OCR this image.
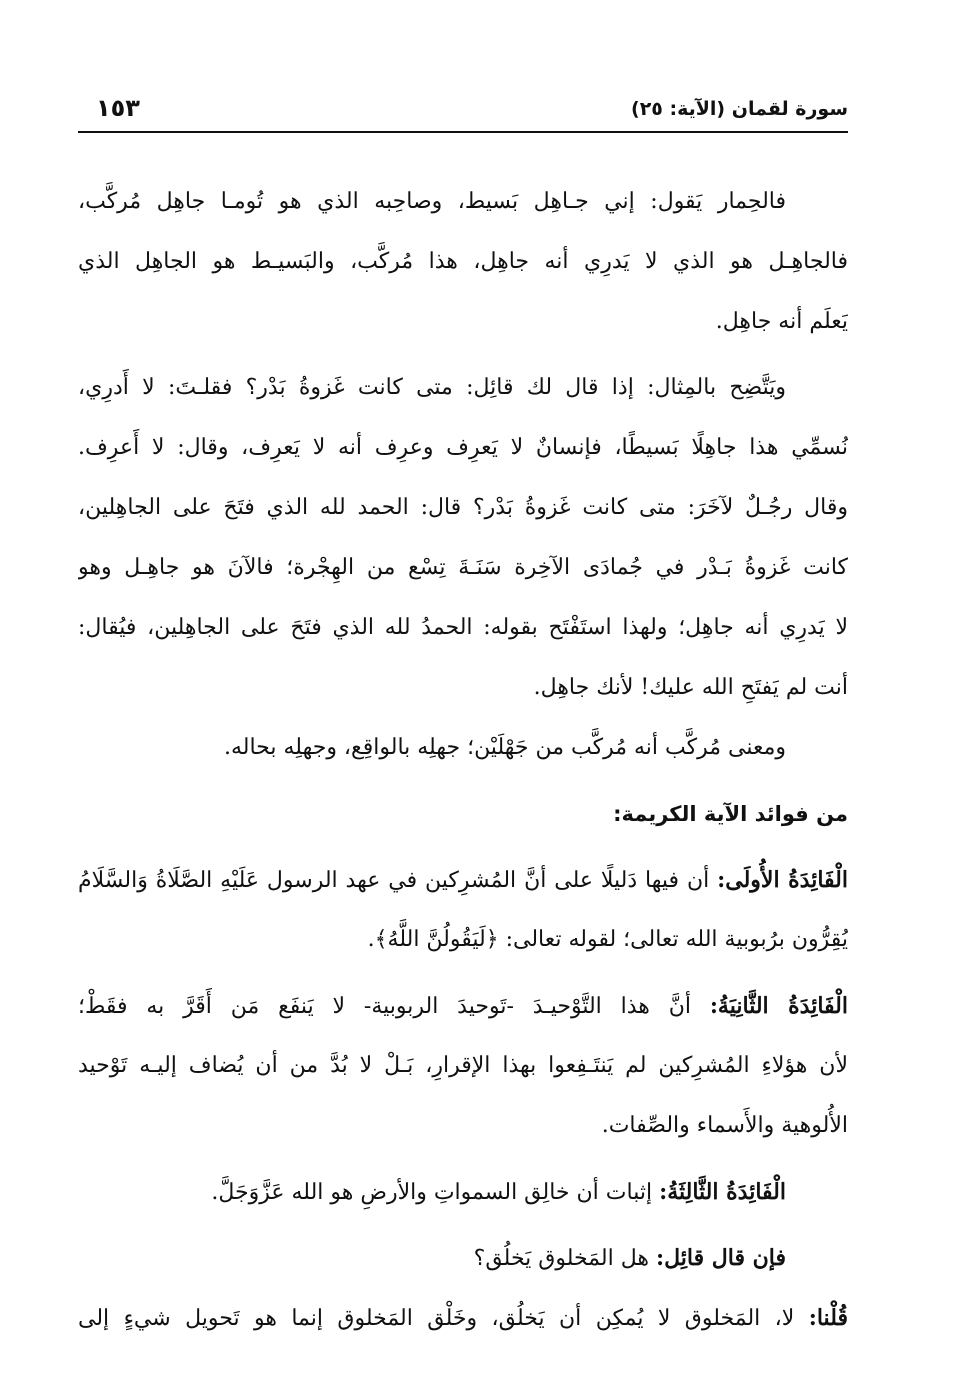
١٥٣	سورة لقمان (الآية: ٢٥)
فالحِمار يَقول: إني جـاهِل بَسيط، وصاحِبه الذي هو تُومـا جاهِل مُركَّب،
فالجاهِـل هو الذي لا يَدرِي أنه جاهِل، هذا مُركَّب، والبَسيـط هو الجاهِل الذي
يَعلَم أنه جاهِل.
ويَتَّضِح بالمِثال: إذا قال لك قائِل: متى كانت غَزوةُ بَدْر؟ فقلـتَ: لا أَدرِي،
نُسمِّي هذا جاهِلًا بَسيطًا، فإنسانٌ لا يَعرِف وعرِف أنه لا يَعرِف، وقال: لا أَعرِف.
وقال رجُـلٌ لآخَرَ: متى كانت غَزوةُ بَدْر؟ قال: الحمد لله الذي فتَحَ على الجاهِلين،
كانت غَزوةُ بَـدْر في جُمادَى الآخِرة سَنَـةَ تِسْع من الهِجْرة؛ فالآنَ هو جاهِـل وهو
لا يَدرِي أنه جاهِل؛ ولهذا استَفْتَح بقوله: الحمدُ لله الذي فتَحَ على الجاهِلين، فيُقال:
أنت لم يَفتَحِ الله عليك! لأنك جاهِل.
ومعنى مُركَّب أنه مُركَّب من جَهْلَيْن؛ جهلِه بالواقِع، وجهلِه بحاله.
من فوائد الآية الكريمة:
الْفَائِدَةُ الأُولَى: أن فيها دَليلًا على أنَّ المُشرِكين في عهد الرسول عَلَيْهِ الصَّلَاةُ وَالسَّلَامُ
يُقِرُّون برُبوبية الله تعالى؛ لقوله تعالى: ﴿لَيَقُولُنَّ اللَّهُ﴾.
الْفَائِدَةُ الثَّانِيَةُ: أنَّ هذا التَّوْحيـدَ -تَوحيدَ الربوبية- لا يَنفَع مَن أَقَرَّ به فقَطْ؛
لأن هؤلاءِ المُشرِكين لم يَنتَـفِعوا بهذا الإقرارِ، بَـلْ لا بُدَّ من أن يُضاف إليـه تَوْحيد
الأُلوهية والأَسماء والصِّفات.
الْفَائِدَةُ الثَّالِثَةُ: إثبات أن خالِق السمواتِ والأرضِ هو الله عَزَّوَجَلَّ.
فإن قال قائِل: هل المَخلوق يَخلُق؟
قُلْنا: لا، المَخلوق لا يُمكِن أن يَخلُق، وخَلْق المَخلوق إنما هو تَحويل شيءٍ إلى
